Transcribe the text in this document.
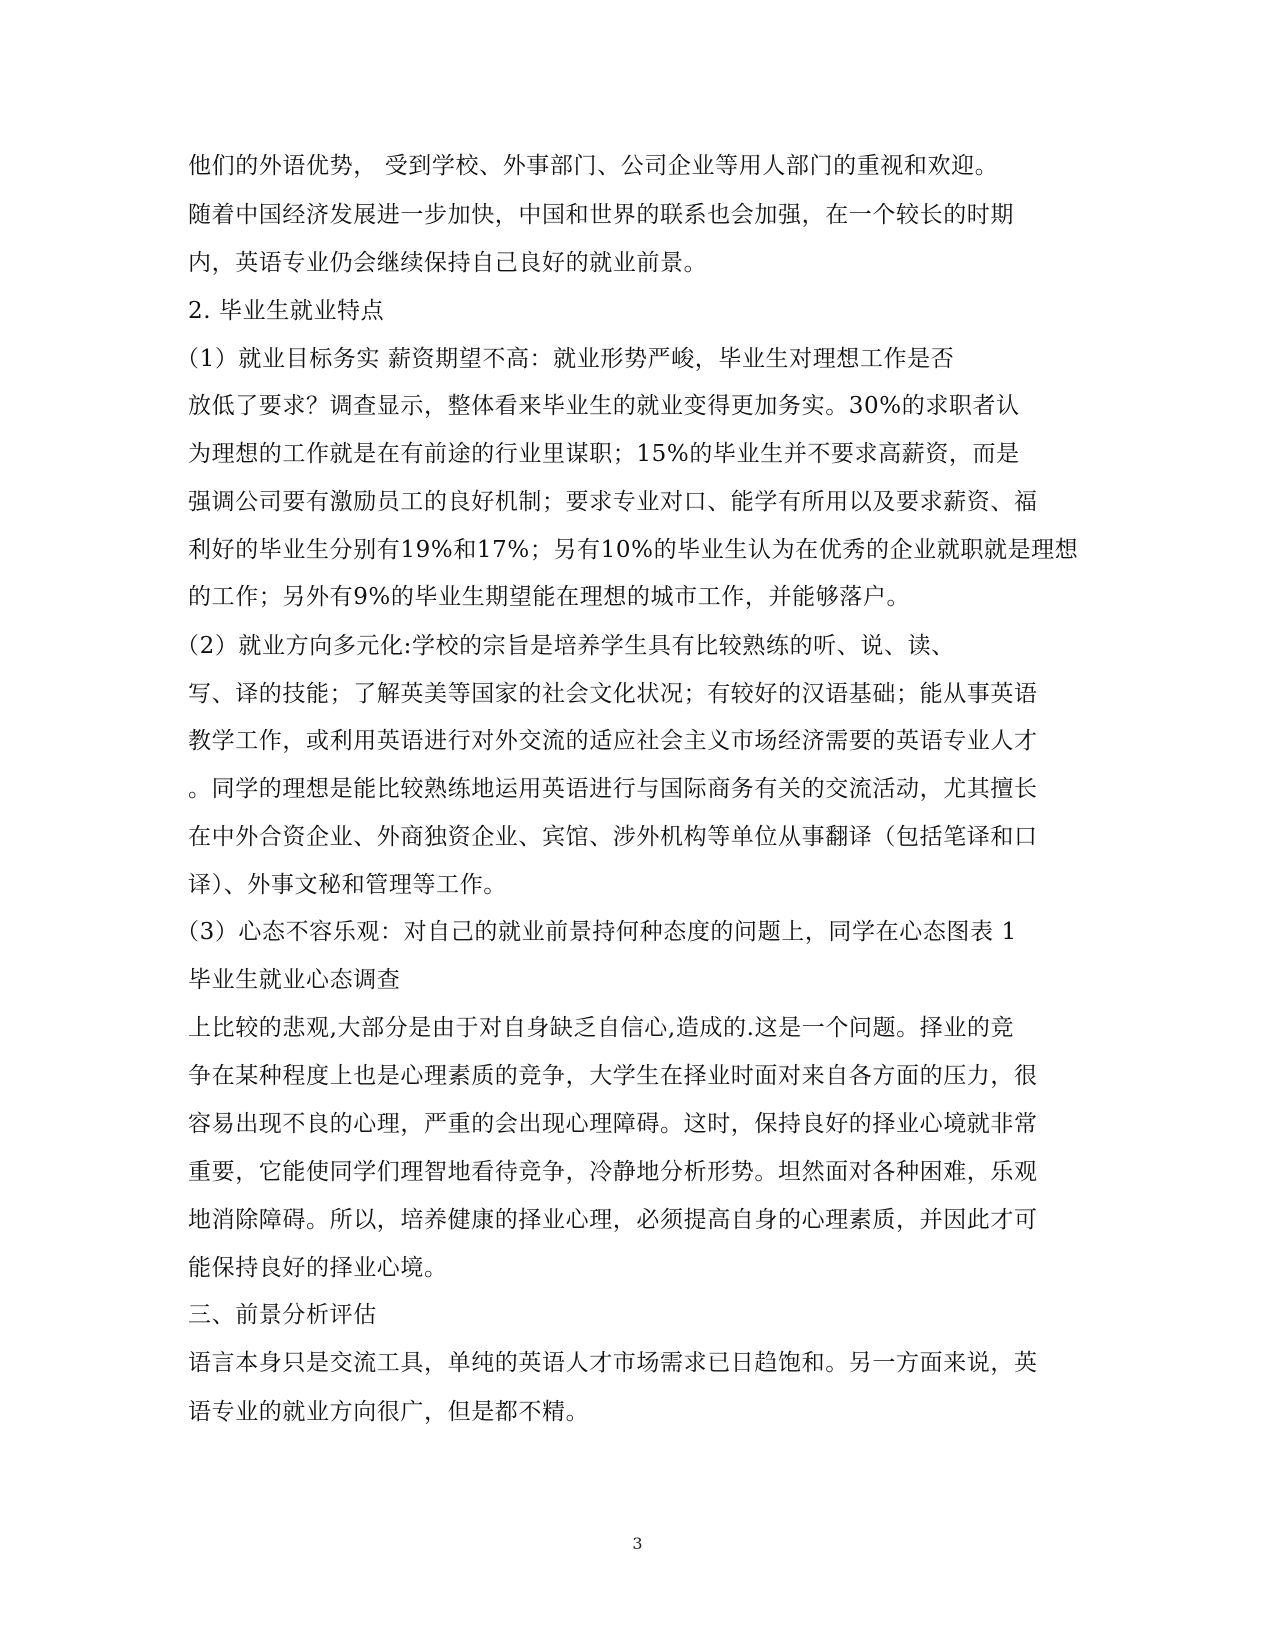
他们的外语优势， 受到学校、外事部门、公司企业等用人部门的重视和欢迎。
随着中国经济发展进一步加快，中国和世界的联系也会加强，在一个较长的时期
内，英语专业仍会继续保持自己良好的就业前景。
2. 毕业生就业特点
（1）就业目标务实 薪资期望不高：就业形势严峻，毕业生对理想工作是否
放低了要求？调查显示，整体看来毕业生的就业变得更加务实。30%的求职者认
为理想的工作就是在有前途的行业里谋职；15%的毕业生并不要求高薪资，而是
强调公司要有激励员工的良好机制；要求专业对口、能学有所用以及要求薪资、福
利好的毕业生分别有19%和17%；另有10%的毕业生认为在优秀的企业就职就是理想
的工作；另外有9%的毕业生期望能在理想的城市工作，并能够落户。
（2）就业方向多元化:学校的宗旨是培养学生具有比较熟练的听、说、读、
写、译的技能；了解英美等国家的社会文化状况；有较好的汉语基础；能从事英语
教学工作，或利用英语进行对外交流的适应社会主义市场经济需要的英语专业人才
。同学的理想是能比较熟练地运用英语进行与国际商务有关的交流活动，尤其擅长
在中外合资企业、外商独资企业、宾馆、涉外机构等单位从事翻译（包括笔译和口
译）、外事文秘和管理等工作。
（3）心态不容乐观：对自己的就业前景持何种态度的问题上，同学在心态图表 1
毕业生就业心态调查
上比较的悲观,大部分是由于对自身缺乏自信心,造成的.这是一个问题。择业的竞
争在某种程度上也是心理素质的竞争，大学生在择业时面对来自各方面的压力，很
容易出现不良的心理，严重的会出现心理障碍。这时，保持良好的择业心境就非常
重要，它能使同学们理智地看待竞争，冷静地分析形势。坦然面对各种困难，乐观
地消除障碍。所以，培养健康的择业心理，必须提高自身的心理素质，并因此才可
能保持良好的择业心境。
三、前景分析评估
语言本身只是交流工具，单纯的英语人才市场需求已日趋饱和。另一方面来说，英
语专业的就业方向很广，但是都不精。
3
